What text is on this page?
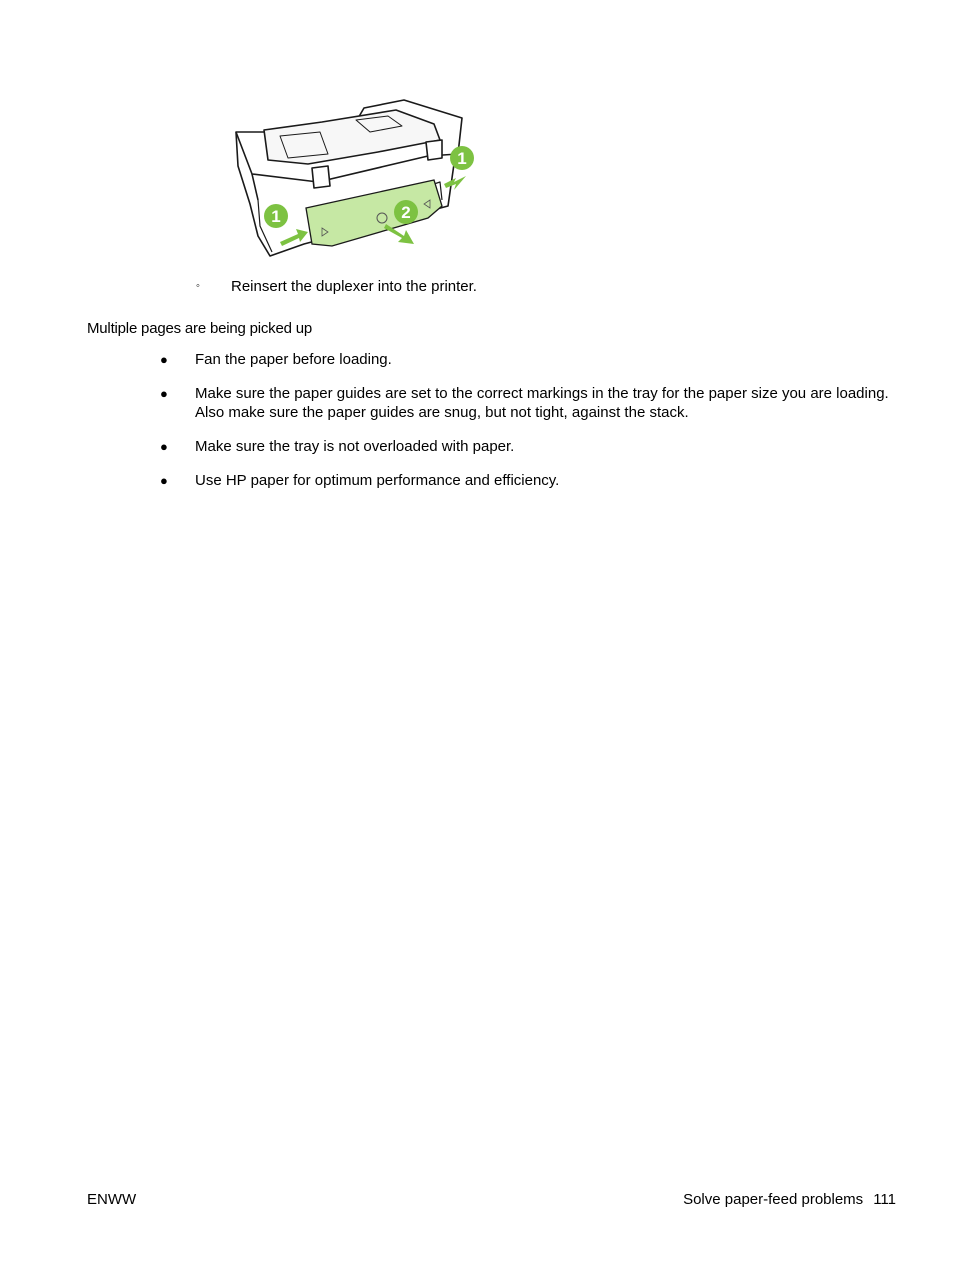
1
1
2
◦ Reinsert the duplexer into the printer.
Multiple pages are being picked up
● Fan the paper before loading.
● Make sure the paper guides are set to the correct markings in the tray for the paper size you are loading. Also make sure the paper guides are snug, but not tight, against the stack.
● Make sure the tray is not overloaded with paper.
● Use HP paper for optimum performance and efficiency.
ENWW	Solve paper-feed problems 111
